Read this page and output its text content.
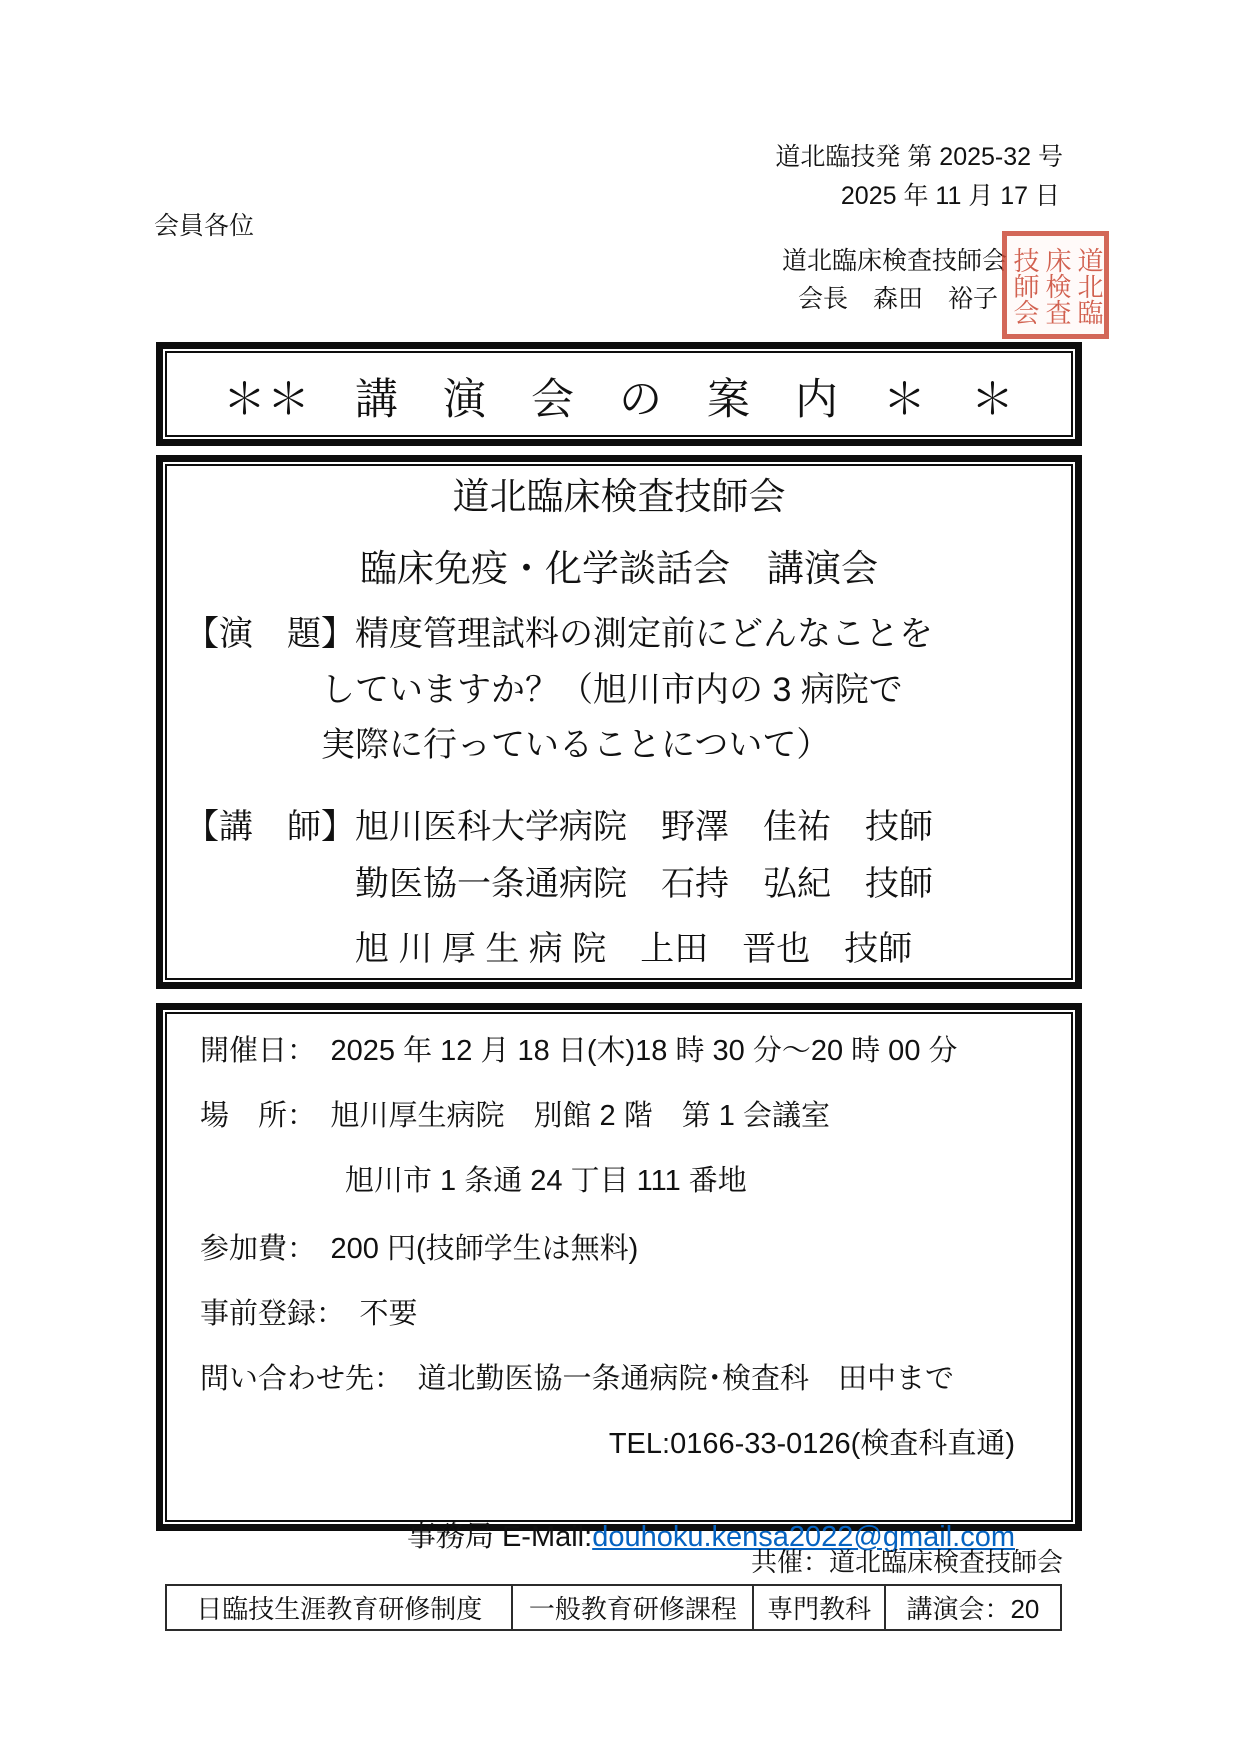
道北臨技発 第 2025-32 号
2025 年 11 月 17 日
会員各位
道北臨床検査技師会
会長　森田　裕子	道北臨床検査技師会
＊＊　講　演　会　の　案　内　＊　＊
道北臨床検査技師会
臨床免疫・化学談話会　講演会
【演　題】精度管理試料の測定前にどんなことを
　　　　していますか？（旭川市内の 3 病院で
　　　　実際に行っていることについて）
【講　師】旭川医科大学病院　野澤　佳祐　技師
　　　　　勤医協一条通病院　石持　弘紀　技師
　　　　　旭 川 厚 生 病 院　上田　晋也　技師
開催日：　2025 年 12 月 18 日(木)18 時 30 分～20 時 00 分
場　所：　旭川厚生病院　別館 2 階　第 1 会議室
　　　　　旭川市 1 条通 24 丁目 111 番地
参加費：　200 円(技師学生は無料)
事前登録：　不要
問い合わせ先：　道北勤医協一条通病院･検査科　田中まで
TEL:0166-33-0126(検査科直通)

事務局 E-Mail:douhoku.kensa2022@gmail.com

共催：道北臨床検査技師会
日臨技生涯教育研修制度	一般教育研修課程	専門教科	講演会：20
